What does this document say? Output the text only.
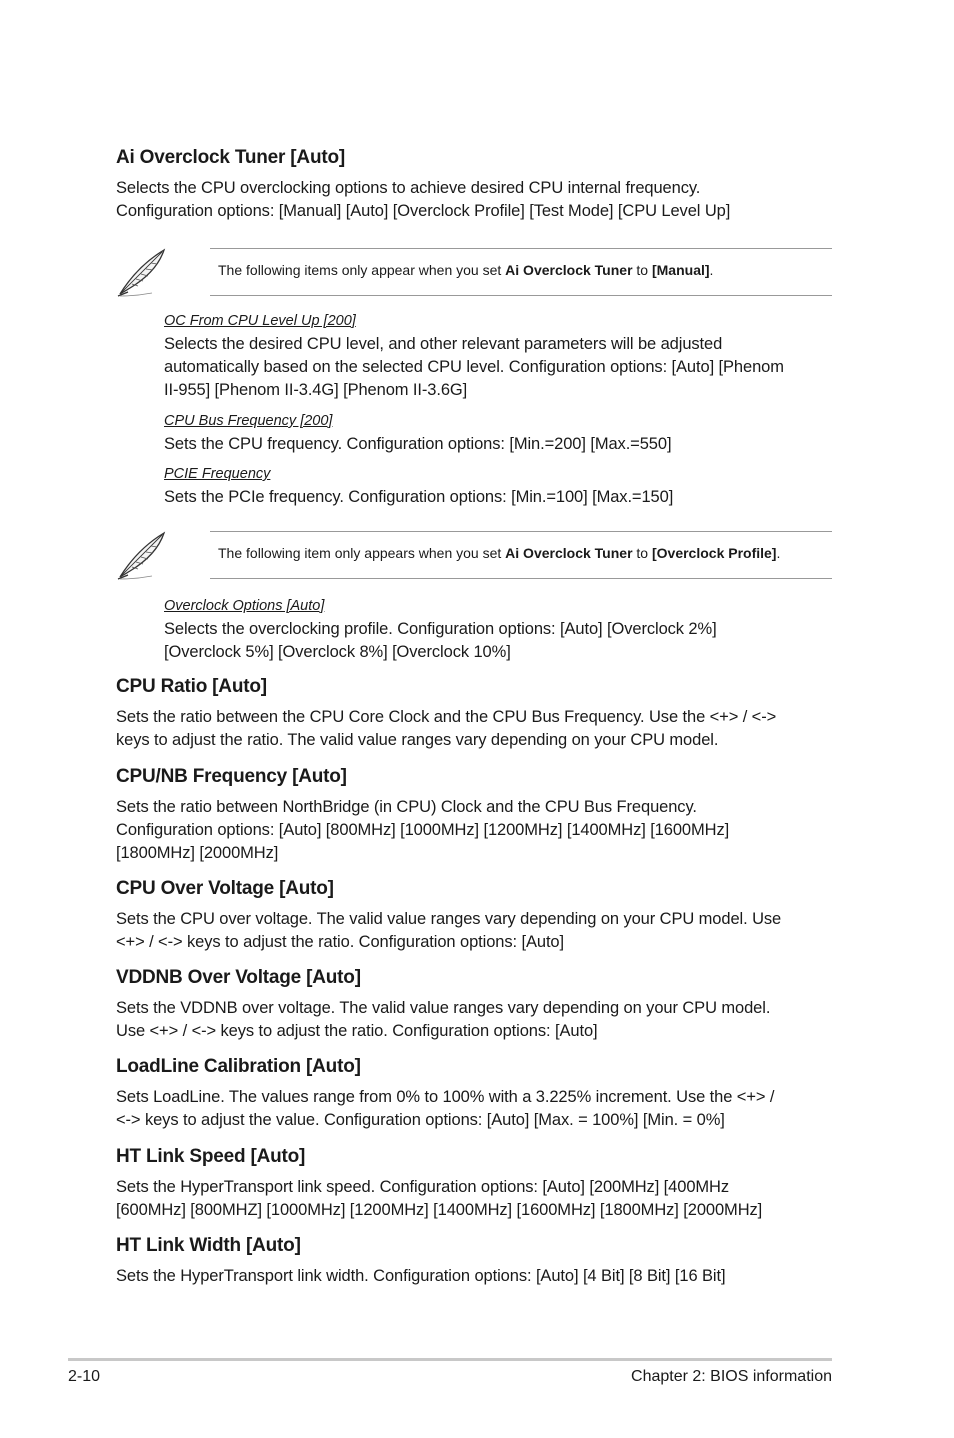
Ai Overclock Tuner [Auto]

Selects the CPU overclocking options to achieve desired CPU internal frequency.
Configuration options: [Manual] [Auto] [Overclock Profile] [Test Mode] [CPU Level Up]

The following items only appear when you set Ai Overclock Tuner to [Manual].

OC From CPU Level Up [200]

Selects the desired CPU level, and other relevant parameters will be adjusted
automatically based on the selected CPU level. Configuration options: [Auto] [Phenom
II-955] [Phenom II-3.4G] [Phenom II-3.6G]

CPU Bus Frequency [200]

Sets the CPU frequency. Configuration options: [Min.=200] [Max.=550]

PCIE Frequency

Sets the PCIe frequency. Configuration options: [Min.=100] [Max.=150]

The following item only appears when you set Ai Overclock Tuner to [Overclock Profile].

Overclock Options [Auto]

Selects the overclocking profile. Configuration options: [Auto] [Overclock 2%]
[Overclock 5%] [Overclock 8%] [Overclock 10%]

CPU Ratio [Auto]

Sets the ratio between the CPU Core Clock and the CPU Bus Frequency. Use the <+> / <->
keys to adjust the ratio. The valid value ranges vary depending on your CPU model.

CPU/NB Frequency [Auto]

Sets the ratio between NorthBridge (in CPU) Clock and the CPU Bus Frequency.
Configuration options: [Auto] [800MHz] [1000MHz] [1200MHz] [1400MHz] [1600MHz]
[1800MHz] [2000MHz]

CPU Over Voltage [Auto]

Sets the CPU over voltage. The valid value ranges vary depending on your CPU model. Use
<+> / <-> keys to adjust the ratio. Configuration options: [Auto]

VDDNB Over Voltage [Auto]

Sets the VDDNB over voltage. The valid value ranges vary depending on your CPU model.
Use <+> / <-> keys to adjust the ratio. Configuration options: [Auto]

LoadLine Calibration [Auto]

Sets LoadLine. The values range from 0% to 100% with a 3.225% increment. Use the <+> /
<-> keys to adjust the value. Configuration options: [Auto] [Max. = 100%] [Min. = 0%]

HT Link Speed [Auto]

Sets the HyperTransport link speed. Configuration options: [Auto] [200MHz] [400MHz
[600MHz] [800MHZ] [1000MHz] [1200MHz] [1400MHz] [1600MHz] [1800MHz] [2000MHz]

HT Link Width [Auto]

Sets the HyperTransport link width. Configuration options: [Auto] [4 Bit] [8 Bit] [16 Bit]

2-10	Chapter 2: BIOS information
